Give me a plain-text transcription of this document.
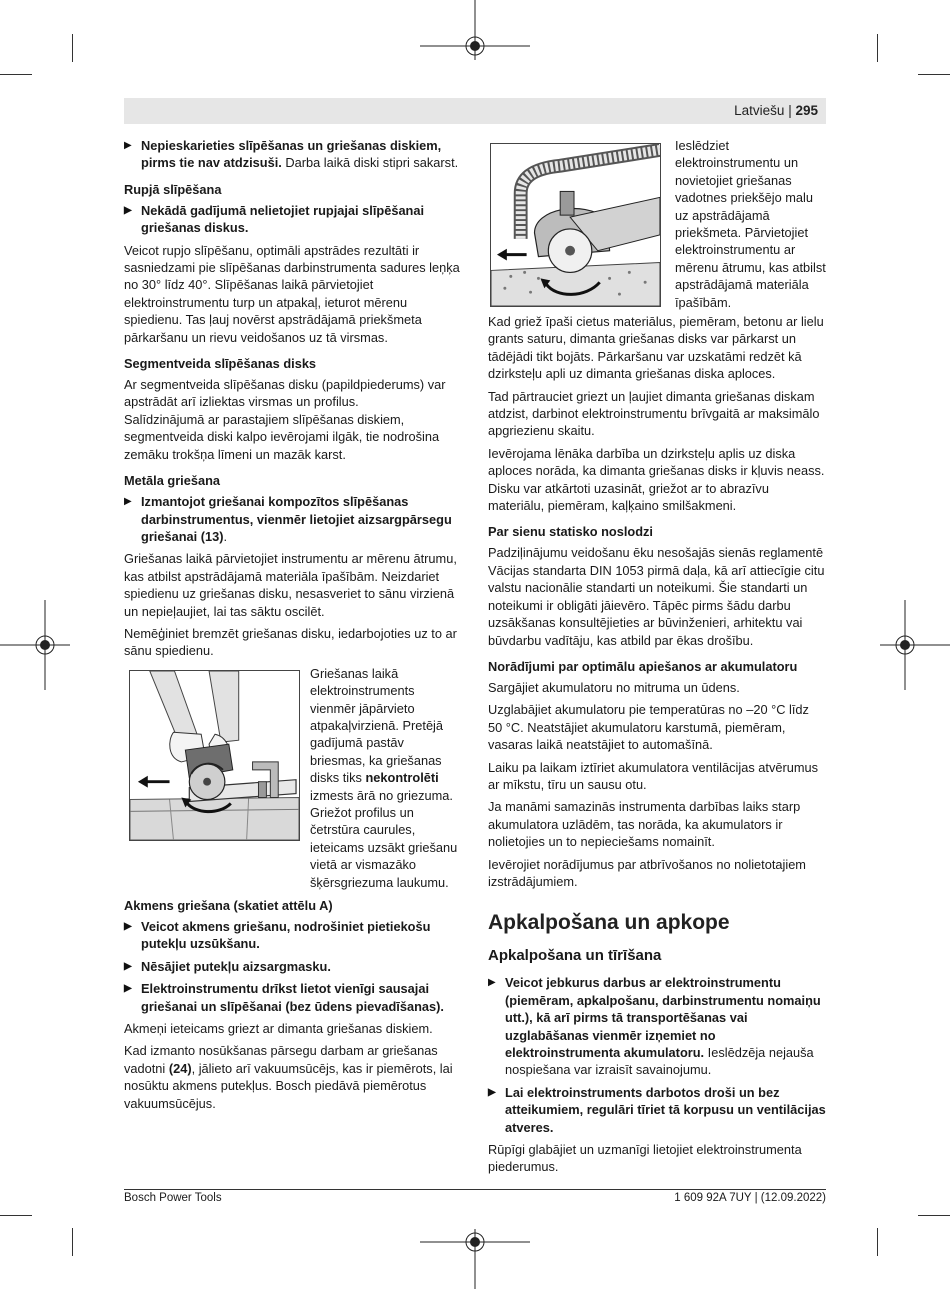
Latviešu | 295
▶ Nepieskarieties slīpēšanas un griešanas diskiem, pirms tie nav atdzisuši. Darba laikā diski stipri sakarst.
Rupjā slīpēšana
▶ Nekādā gadījumā nelietojiet rupjajai slīpēšanai griešanas diskus.

Veicot rupjo slīpēšanu, optimāli apstrādes rezultāti ir sasniedzami pie slīpēšanas darbinstrumenta sadures leņķa no 30° līdz 40°. Slīpēšanas laikā pārvietojiet elektroinstrumentu turp un atpakaļ, ieturot mērenu spiedienu. Tas ļauj novērst apstrādājamā priekšmeta pārkaršanu un rievu veidošanos uz tā virsmas.

Segmentveida slīpēšanas disks

Ar segmentveida slīpēšanas disku (papildpiederums) var apstrādāt arī izliektas virsmas un profilus.

Salīdzinājumā ar parastajiem slīpēšanas diskiem, segmentveida diski kalpo ievērojami ilgāk, tie nodrošina zemāku trokšņa līmeni un mazāk karst.

Metāla griešana
▶ Izmantojot griešanai kompozītos slīpēšanas darbinstrumentus, vienmēr lietojiet aizsargpārsegu griešanai (13).

Griešanas laikā pārvietojiet instrumentu ar mērenu ātrumu, kas atbilst apstrādājamā materiāla īpašībām. Neizdariet spiedienu uz griešanas disku, nesasveriet to sānu virzienā un nepieļaujiet, lai tas sāktu oscilēt.

Nemēģiniet bremzēt griešanas disku, iedarbojoties uz to ar sānu spiedienu.

Griešanas laikā elektroinstruments vienmēr jāpārvieto atpakaļvirzienā. Pretējā gadījumā pastāv briesmas, ka griešanas disks tiks nekontrolēti izmests ārā no griezuma. Griežot profilus un četrstūra caurules, ieteicams uzsākt griešanu vietā ar vismazāko šķērsgriezuma laukumu.
Akmens griešana (skatiet attēlu A)
▶ Veicot akmens griešanu, nodrošiniet pietiekošu putekļu uzsūkšanu.
▶ Nēsājiet putekļu aizsargmasku.
▶ Elektroinstrumentu drīkst lietot vienīgi sausajai griešanai un slīpēšanai (bez ūdens pievadīšanas).

Akmeņi ieteicams griezt ar dimanta griešanas diskiem.

Kad izmanto nosūkšanas pārsegu darbam ar griešanas vadotni (24), jālieto arī vakuumsūcējs, kas ir piemērots, lai nosūktu akmens putekļus. Bosch piedāvā piemērotus vakuumsūcējus.

Ieslēdziet elektroinstrumentu un novietojiet griešanas vadotnes priekšējo malu uz apstrādājamā priekšmeta. Pārvietojiet elektroinstrumentu ar mērenu ātrumu, kas atbilst apstrādājamā materiāla īpašībām.

Kad griež īpaši cietus materiālus, piemēram, betonu ar lielu grants saturu, dimanta griešanas disks var pārkarst un tādējādi tikt bojāts. Pārkaršanu var uzskatāmi redzēt kā dzirksteļu apli uz dimanta griešanas diska aploces.

Tad pārtrauciet griezt un ļaujiet dimanta griešanas diskam atdzist, darbinot elektroinstrumentu brīvgaitā ar maksimālo apgriezienu skaitu.

Ievērojama lēnāka darbība un dzirksteļu aplis uz diska aploces norāda, ka dimanta griešanas disks ir kļuvis neass. Disku var atkārtoti uzasināt, griežot ar to abrazīvu materiālu, piemēram, kaļķaino smilšakmeni.

Par sienu statisko noslodzi

Padziļinājumu veidošanu ēku nesošajās sienās reglamentē Vācijas standarta DIN 1053 pirmā daļa, kā arī attiecīgie citu valstu nacionālie standarti un noteikumi. Šie standarti un noteikumi ir obligāti jāievēro. Tāpēc pirms šādu darbu uzsākšanas konsultējieties ar būvinženieri, arhitektu vai būvdarbu vadītāju, kas atbild par ēkas drošību.

Norādījumi par optimālu apiešanos ar akumulatoru

Sargājiet akumulatoru no mitruma un ūdens.

Uzglabājiet akumulatoru pie temperatūras no –20 °C līdz 50 °C. Neatstājiet akumulatoru karstumā, piemēram, vasaras laikā neatstājiet to automašīnā.

Laiku pa laikam iztīriet akumulatora ventilācijas atvērumus ar mīkstu, tīru un sausu otu.

Ja manāmi samazinās instrumenta darbības laiks starp akumulatora uzlādēm, tas norāda, ka akumulators ir nolietojies un to nepieciešams nomainīt.

Ievērojiet norādījumus par atbrīvošanos no nolietotajiem izstrādājumiem.

Apkalpošana un apkope
Apkalpošana un tīrīšana
▶ Veicot jebkurus darbus ar elektroinstrumentu (piemēram, apkalpošanu, darbinstrumentu nomaiņu utt.), kā arī pirms tā transportēšanas vai uzglabāšanas vienmēr izņemiet no elektroinstrumenta akumulatoru. Ieslēdzēja nejauša nospiešana var izraisīt savainojumu.
▶ Lai elektroinstruments darbotos droši un bez atteikumiem, regulāri tīriet tā korpusu un ventilācijas atveres.

Rūpīgi glabājiet un uzmanīgi lietojiet elektroinstrumenta piederumus.

Bosch Power Tools	1 609 92A 7UY | (12.09.2022)
